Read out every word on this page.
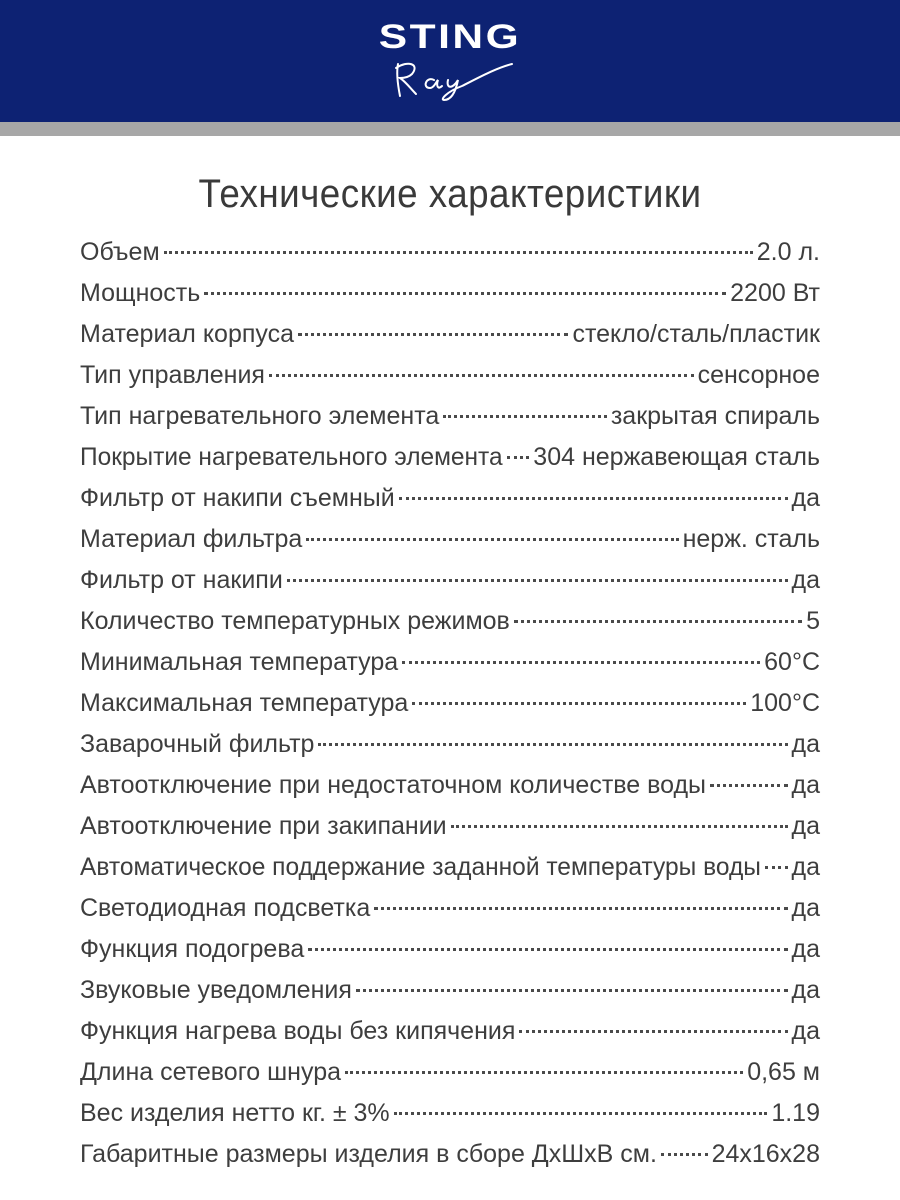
STING
Технические характеристики
Объем	2.0 л.
Мощность	2200 Вт
Материал корпуса	стекло/сталь/пластик
Тип управления	сенсорное
Тип нагревательного элемента	закрытая спираль
Покрытие нагревательного элемента 304 нержавеющая сталь
Фильтр от накипи съемный	да
Материал фильтра	нерж. сталь
Фильтр от накипи	да
Количество температурных режимов	5
Минимальная температура	60°С
Максимальная температура	100°С
Заварочный фильтр	да
Автоотключение при недостаточном количестве воды	да
Автоотключение при закипании	да
Автоматическое поддержание заданной температуры воды да
Светодиодная подсветка	да
Функция подогрева	да
Звуковые уведомления	да
Функция нагрева воды без кипячения	да
Длина сетевого шнура	0,65 м
Вес изделия нетто кг. ± 3%	1.19
Габаритные размеры изделия в сборе ДхШхВ см. 24х16х28
